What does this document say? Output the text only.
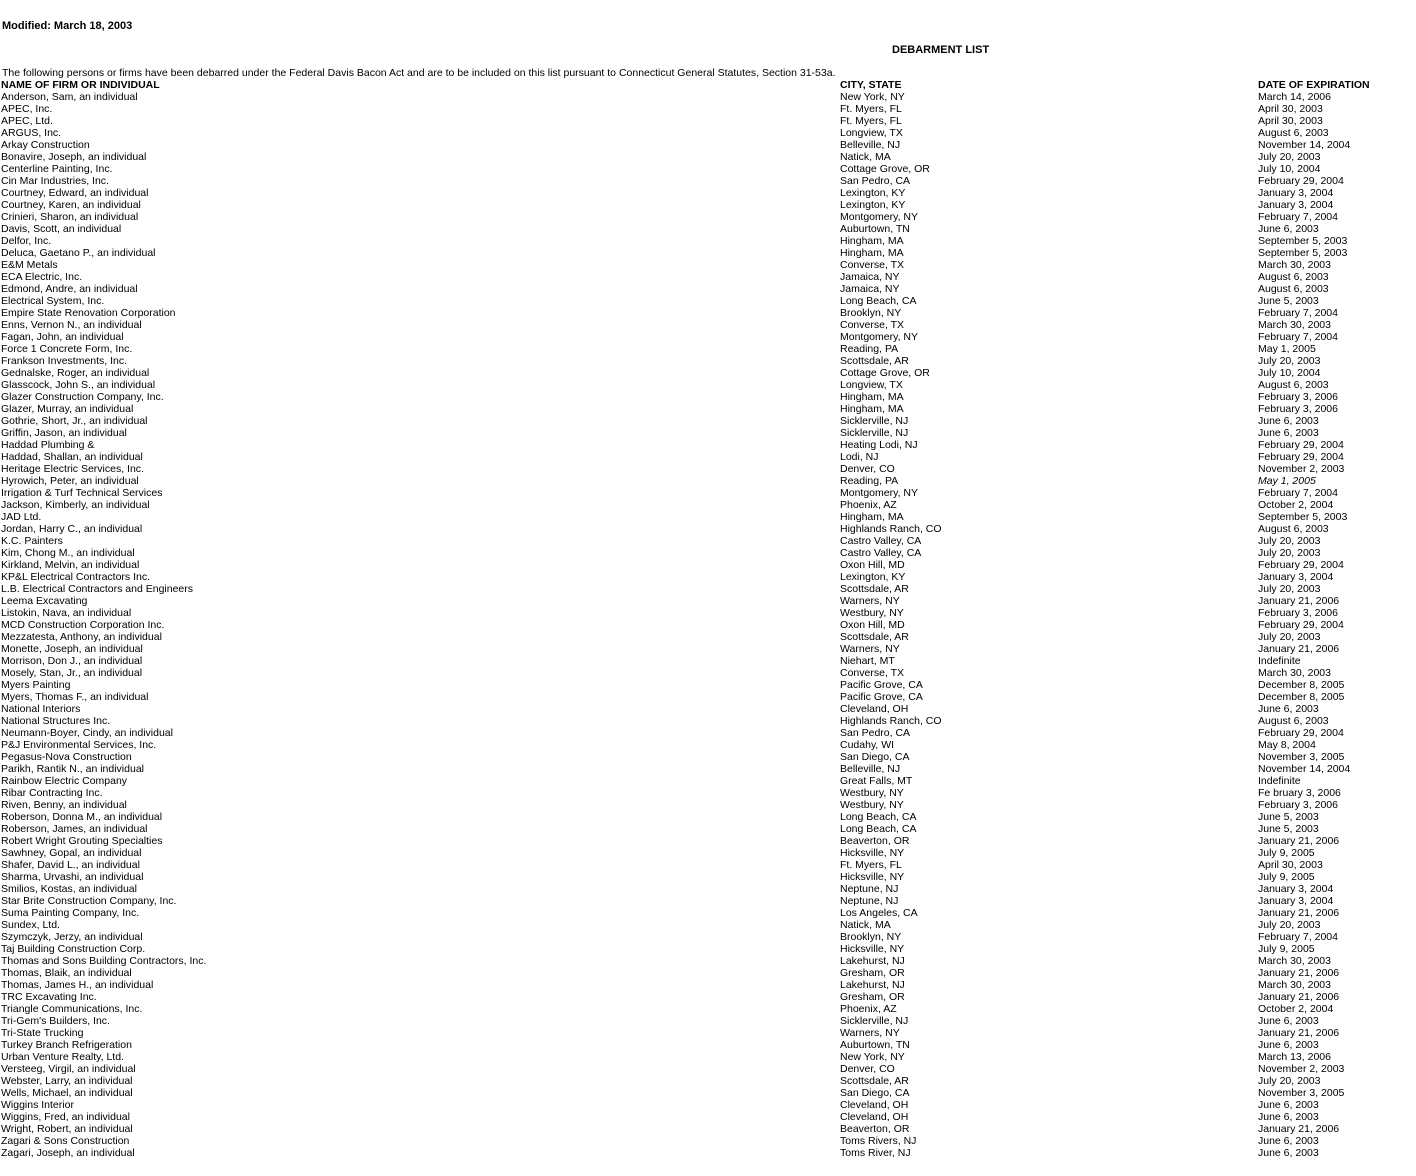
Modified: March 18, 2003
DEBARMENT LIST
The following persons or firms have been debarred under the Federal Davis Bacon Act and are to be included on this list pursuant to Connecticut General Statutes, Section 31-53a.
NAME OF FIRM OR INDIVIDUAL	CITY, STATE	DATE OF EXPIRATION
Anderson, Sam, an individual	New York, NY	March 14, 2006
APEC, Inc.	Ft. Myers, FL	April 30, 2003
APEC, Ltd.	Ft. Myers, FL	April 30, 2003
ARGUS, Inc.	Longview, TX	August 6, 2003
Arkay Construction	Belleville, NJ	November 14, 2004
Bonavire, Joseph, an individual	Natick, MA	July 20, 2003
Centerline Painting, Inc.	Cottage Grove, OR	July 10, 2004
Cin Mar Industries, Inc.	San Pedro, CA	February 29, 2004
Courtney, Edward, an individual	Lexington, KY	January 3, 2004
Courtney, Karen, an individual	Lexington, KY	January 3, 2004
Crinieri, Sharon, an individual	Montgomery, NY	February 7, 2004
Davis, Scott, an individual	Auburtown, TN	June 6, 2003
Delfor, Inc.	Hingham, MA	September 5, 2003
Deluca, Gaetano P., an individual	Hingham, MA	September 5, 2003
E&M Metals	Converse, TX	March 30, 2003
ECA Electric, Inc.	Jamaica, NY	August 6, 2003
Edmond, Andre, an individual	Jamaica, NY	August 6, 2003
Electrical System, Inc.	Long Beach, CA	June 5, 2003
Empire State Renovation Corporation	Brooklyn, NY	February 7, 2004
Enns, Vernon N., an individual	Converse, TX	March 30, 2003
Fagan, John, an individual	Montgomery, NY	February 7, 2004
Force 1 Concrete Form, Inc.	Reading, PA	May 1, 2005
Frankson Investments, Inc.	Scottsdale, AR	July 20, 2003
Gednalske, Roger, an individual	Cottage Grove, OR	July 10, 2004
Glasscock, John S., an individual	Longview, TX	August 6, 2003
Glazer Construction Company, Inc.	Hingham, MA	February 3, 2006
Glazer, Murray, an individual	Hingham, MA	February 3, 2006
Gothrie, Short, Jr., an individual	Sicklerville, NJ	June 6, 2003
Griffin, Jason, an individual	Sicklerville, NJ	June 6, 2003
Haddad Plumbing &	Heating Lodi, NJ	February 29, 2004
Haddad, Shallan, an individual	Lodi, NJ	February 29, 2004
Heritage Electric Services, Inc.	Denver, CO	November 2, 2003
Hyrowich, Peter, an individual	Reading, PA	May 1, 2005
Irrigation & Turf Technical Services	Montgomery, NY	February 7, 2004
Jackson, Kimberly, an individual	Phoenix, AZ	October 2, 2004
JAD Ltd.	Hingham, MA	September 5, 2003
Jordan, Harry C., an individual	Highlands Ranch, CO	August 6, 2003
K.C. Painters	Castro Valley, CA	July 20, 2003
Kim, Chong M., an individual	Castro Valley, CA	July 20, 2003
Kirkland, Melvin, an individual	Oxon Hill, MD	February 29, 2004
KP&L Electrical Contractors Inc.	Lexington, KY	January 3, 2004
L.B. Electrical Contractors and Engineers	Scottsdale, AR	July 20, 2003
Leema Excavating	Warners, NY	January 21, 2006
Listokin, Nava, an individual	Westbury, NY	February 3, 2006
MCD Construction Corporation Inc.	Oxon Hill, MD	February 29, 2004
Mezzatesta, Anthony, an individual	Scottsdale, AR	July 20, 2003
Monette, Joseph, an individual	Warners, NY	January 21, 2006
Morrison, Don J., an individual	Niehart, MT	Indefinite
Mosely, Stan, Jr., an individual	Converse, TX	March 30, 2003
Myers Painting	Pacific Grove, CA	December 8, 2005
Myers, Thomas F., an individual	Pacific Grove, CA	December 8, 2005
National Interiors	Cleveland, OH	June 6, 2003
National Structures Inc.	Highlands Ranch, CO	August 6, 2003
Neumann-Boyer, Cindy, an individual	San Pedro, CA	February 29, 2004
P&J Environmental Services, Inc.	Cudahy, WI	May 8, 2004
Pegasus-Nova Construction	San Diego, CA	November 3, 2005
Parikh, Rantik N., an individual	Belleville, NJ	November 14, 2004
Rainbow Electric Company	Great Falls, MT	Indefinite
Ribar Contracting Inc.	Westbury, NY	Fe bruary 3, 2006
Riven, Benny, an individual	Westbury, NY	February 3, 2006
Roberson, Donna M., an individual	Long Beach, CA	June 5, 2003
Roberson, James, an individual	Long Beach, CA	June 5, 2003
Robert Wright Grouting Specialties	Beaverton, OR	January 21, 2006
Sawhney, Gopal, an individual	Hicksville, NY	July 9, 2005
Shafer, David L., an individual	Ft. Myers, FL	April 30, 2003
Sharma, Urvashi, an individual	Hicksville, NY	July 9, 2005
Smilios, Kostas, an individual	Neptune, NJ	January 3, 2004
Star Brite Construction Company, Inc.	Neptune, NJ	January 3, 2004
Suma Painting Company, Inc.	Los Angeles, CA	January 21, 2006
Sundex, Ltd.	Natick, MA	July 20, 2003
Szymczyk, Jerzy, an individual	Brooklyn, NY	February 7, 2004
Taj Building Construction Corp.	Hicksville, NY	July 9, 2005
Thomas and Sons Building Contractors, Inc.	Lakehurst, NJ	March 30, 2003
Thomas, Blaik, an individual	Gresham, OR	January 21, 2006
Thomas, James H., an individual	Lakehurst, NJ	March 30, 2003
TRC Excavating Inc.	Gresham, OR	January 21, 2006
Triangle Communications, Inc.	Phoenix, AZ	October 2, 2004
Tri-Gem's Builders, Inc.	Sicklerville, NJ	June 6, 2003
Tri-State Trucking	Warners, NY	January 21, 2006
Turkey Branch Refrigeration	Auburtown, TN	June 6, 2003
Urban Venture Realty, Ltd.	New York, NY	March 13, 2006
Versteeg, Virgil, an individual	Denver, CO	November 2, 2003
Webster, Larry, an individual	Scottsdale, AR	July 20, 2003
Wells, Michael, an individual	San Diego, CA	November 3, 2005
Wiggins Interior	Cleveland, OH	June 6, 2003
Wiggins, Fred, an individual	Cleveland, OH	June 6, 2003
Wright, Robert, an individual	Beaverton, OR	January 21, 2006
Zagari & Sons Construction	Toms Rivers, NJ	June 6, 2003
Zagari, Joseph, an individual	Toms River, NJ	June 6, 2003
